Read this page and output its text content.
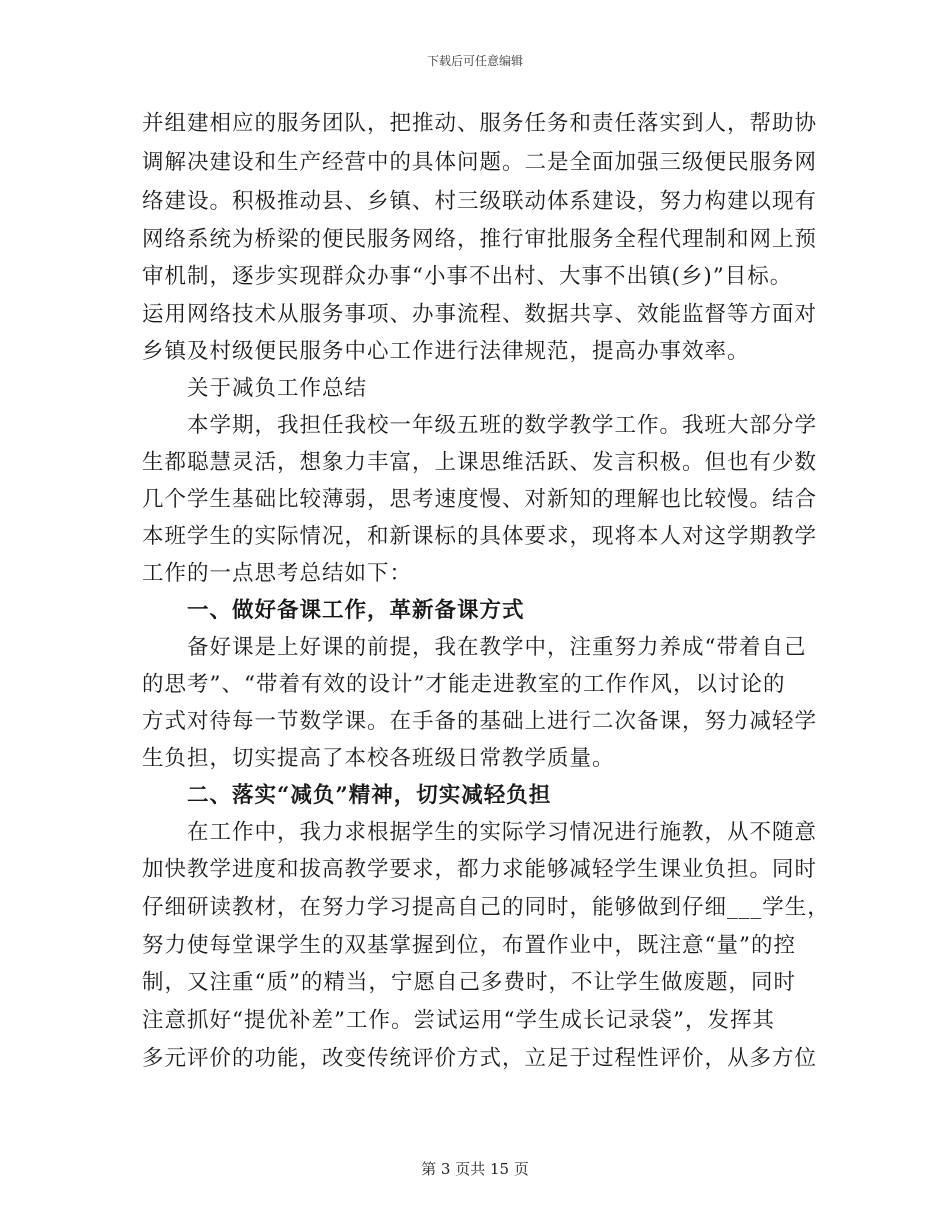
下载后可任意编辑
并组建相应的服务团队，把推动、服务任务和责任落实到人，帮助协
调解决建设和生产经营中的具体问题。二是全面加强三级便民服务网
络建设。积极推动县、乡镇、村三级联动体系建设，努力构建以现有
网络系统为桥梁的便民服务网络，推行审批服务全程代理制和网上预
审机制，逐步实现群众办事“小事不出村、大事不出镇(乡)”目标。
运用网络技术从服务事项、办事流程、数据共享、效能监督等方面对
乡镇及村级便民服务中心工作进行法律规范，提高办事效率。
关于减负工作总结
本学期，我担任我校一年级五班的数学教学工作。我班大部分学
生都聪慧灵活，想象力丰富，上课思维活跃、发言积极。但也有少数
几个学生基础比较薄弱，思考速度慢、对新知的理解也比较慢。结合
本班学生的实际情况，和新课标的具体要求，现将本人对这学期教学
工作的一点思考总结如下：
一、做好备课工作，革新备课方式
备好课是上好课的前提，我在教学中，注重努力养成“带着自己
的思考”、“带着有效的设计”才能走进教室的工作作风，以讨论的
方式对待每一节数学课。在手备的基础上进行二次备课，努力减轻学
生负担，切实提高了本校各班级日常教学质量。
二、落实“减负”精神，切实减轻负担
在工作中，我力求根据学生的实际学习情况进行施教，从不随意
加快教学进度和拔高教学要求，都力求能够减轻学生课业负担。同时
仔细研读教材，在努力学习提高自己的同时，能够做到仔细___学生，
努力使每堂课学生的双基掌握到位，布置作业中，既注意“量”的控
制，又注重“质”的精当，宁愿自己多费时，不让学生做废题，同时
注意抓好“提优补差”工作。尝试运用“学生成长记录袋”，发挥其
多元评价的功能，改变传统评价方式，立足于过程性评价，从多方位
第 3 页共 15 页
